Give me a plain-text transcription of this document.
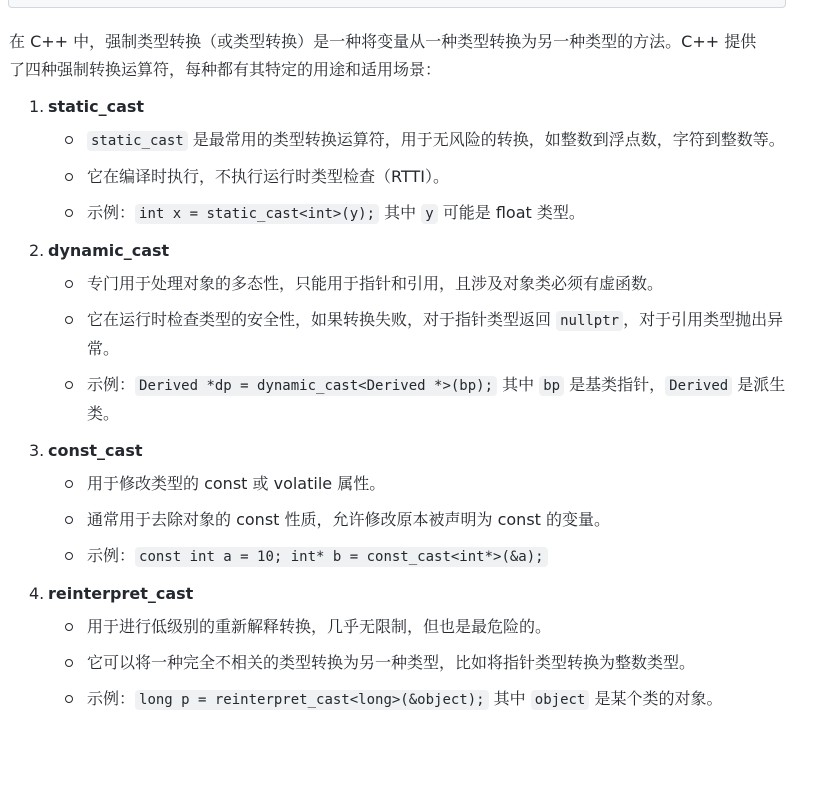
在 C++ 中，强制类型转换（或类型转换）是一种将变量从一种类型转换为另一种类型的方法。C++ 提供
了四种强制转换运算符，每种都有其特定的用途和适用场景：

1. static_cast
static_cast 是最常用的类型转换运算符，用于无风险的转换，如整数到浮点数，字符到整数等。
它在编译时执行，不执行运行时类型检查（RTTI）。
示例： int x = static_cast<int>(y); 其中 y 可能是 float 类型。
2. dynamic_cast
专门用于处理对象的多态性，只能用于指针和引用，且涉及对象类必须有虚函数。
它在运行时检查类型的安全性，如果转换失败，对于指针类型返回 nullptr ，对于引用类型抛出异常。
示例： Derived *dp = dynamic_cast<Derived *>(bp); 其中 bp 是基类指针， Derived 是派生类。
3. const_cast
用于修改类型的 const 或 volatile 属性。
通常用于去除对象的 const 性质，允许修改原本被声明为 const 的变量。
示例： const int a = 10; int* b = const_cast<int*>(&a);
4. reinterpret_cast
用于进行低级别的重新解释转换，几乎无限制，但也是最危险的。
它可以将一种完全不相关的类型转换为另一种类型，比如将指针类型转换为整数类型。
示例： long p = reinterpret_cast<long>(&object); 其中 object 是某个类的对象。
